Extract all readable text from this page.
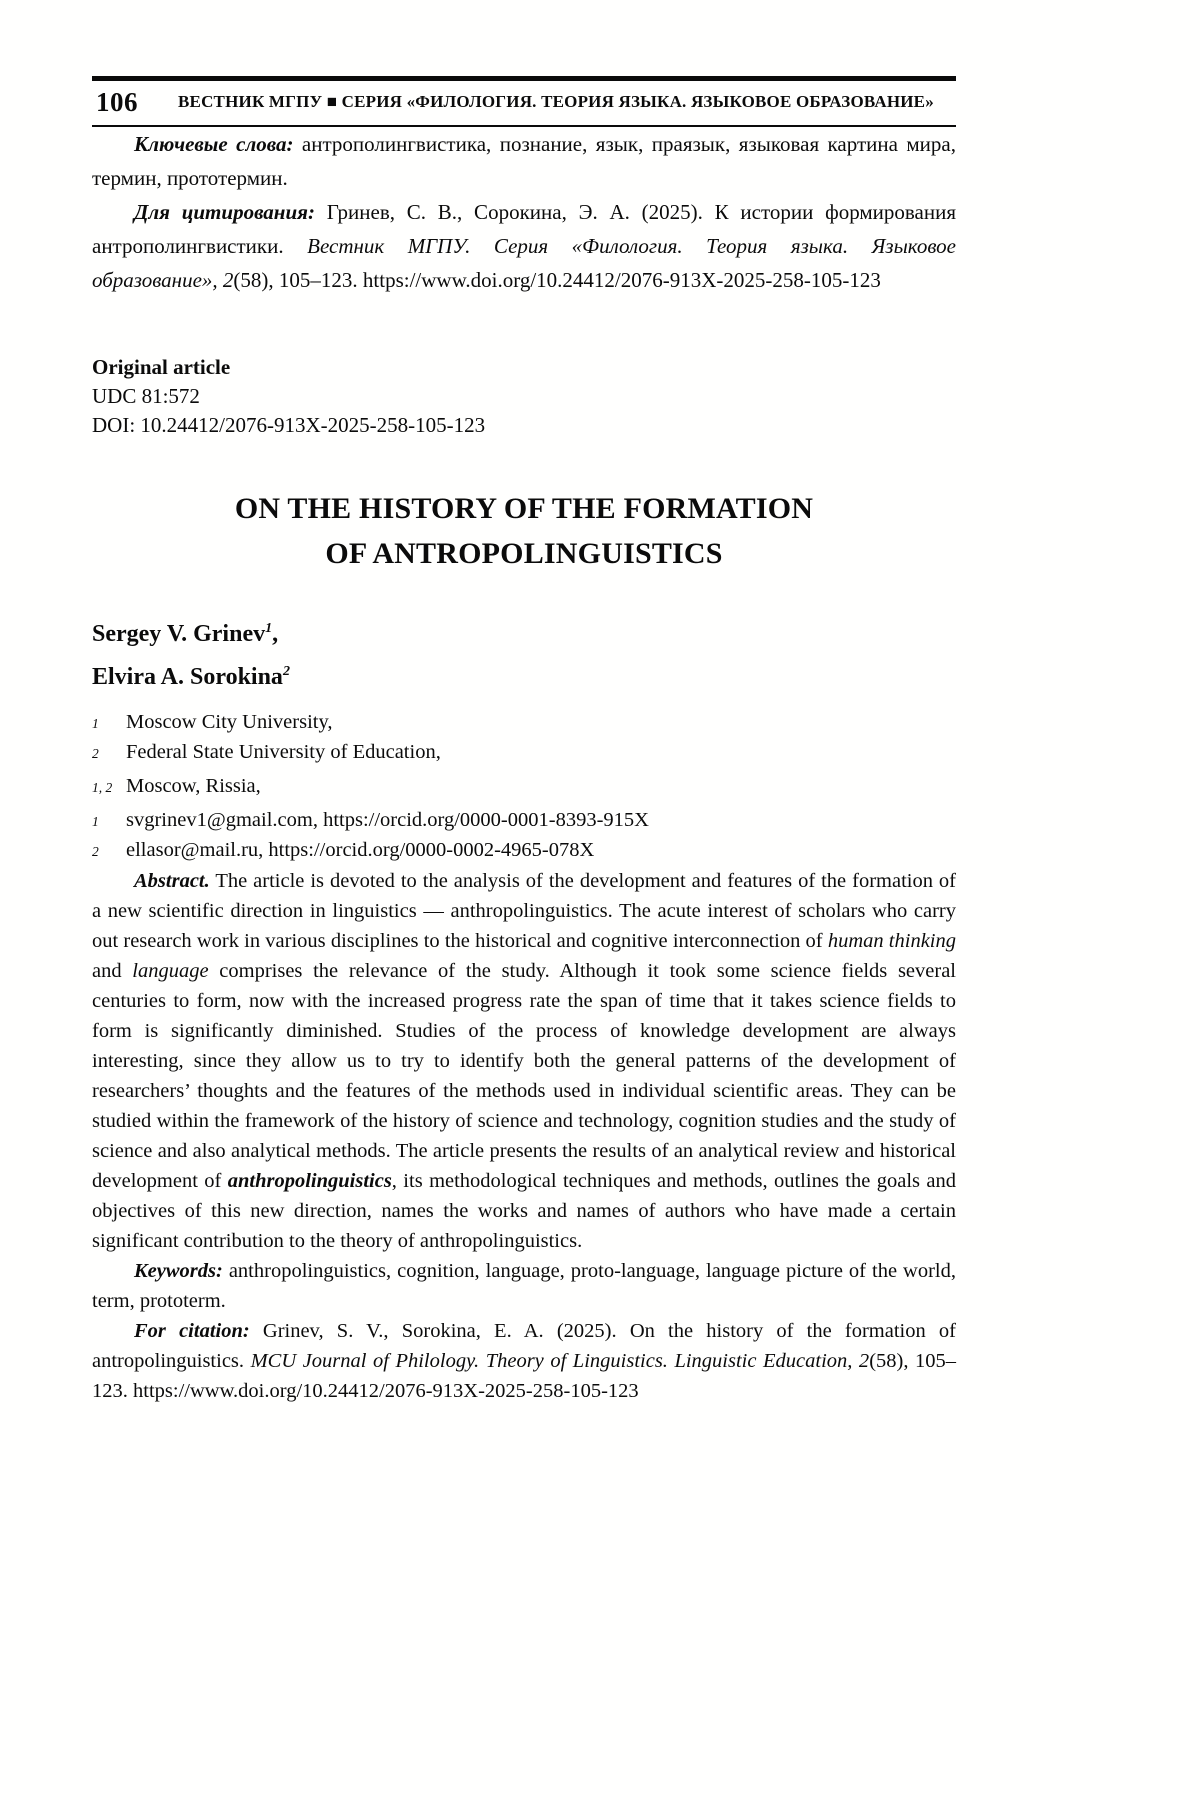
106 ВЕСТНИК МГПУ ■ СЕРИЯ «ФИЛОЛОГИЯ. ТЕОРИЯ ЯЗЫКА. ЯЗЫКОВОЕ ОБРАЗОВАНИЕ»

Ключевые слова: антрополингвистика, познание, язык, праязык, языковая картина мира, термин, прототермин.

Для цитирования: Гринев, С. В., Сорокина, Э. А. (2025). К истории формирования антрополингвистики. Вестник МГПУ. Серия «Филология. Теория языка. Языковое образование», 2(58), 105–123. https://www.doi.org/10.24412/2076-913X-2025-258-105-123

Original article
UDC 81:572
DOI: 10.24412/2076-913X-2025-258-105-123
ON THE HISTORY OF THE FORMATION
OF ANTROPOLINGUISTICS
Sergey V. Grinev$^1$,
Elvira A. Sorokina$^2$
1	Moscow City University,
2	Federal State University of Education,
1, 2 Moscow, Rissia,
1	svgrinev1@gmail.com, https://orcid.org/0000-0001-8393-915X
2	ellasor@mail.ru, https://orcid.org/0000-0002-4965-078X

Abstract. The article is devoted to the analysis of the development and features of the formation of a new scientific direction in linguistics — anthropolinguistics. The acute interest of scholars who carry out research work in various disciplines to the historical and cognitive interconnection of human thinking and language comprises the relevance of the study. Although it took some science fields several centuries to form, now with the increased progress rate the span of time that it takes science fields to form is significantly diminished. Studies of the process of knowledge development are always interesting, since they allow us to try to identify both the general patterns of the development of researchers’ thoughts and the features of the methods used in individual scientific areas. They can be studied within the framework of the history of science and technology, cognition studies and the study of science and also analytical methods. The article presents the results of an analytical review and historical development of anthropolinguistics, its methodological techniques and methods, outlines the goals and objectives of this new direction, names the works and names of authors who have made a certain significant contribution to the theory of anthropolinguistics.

Keywords: anthropolinguistics, cognition, language, proto-language, language picture of the world, term, prototerm.

For citation: Grinev, S. V., Sorokina, E. A. (2025). On the history of the formation of antropolinguistics. MCU Journal of Philology. Theory of Linguistics. Linguistic Education, 2(58), 105–123. https://www.doi.org/10.24412/2076-913X-2025-258-105-123
